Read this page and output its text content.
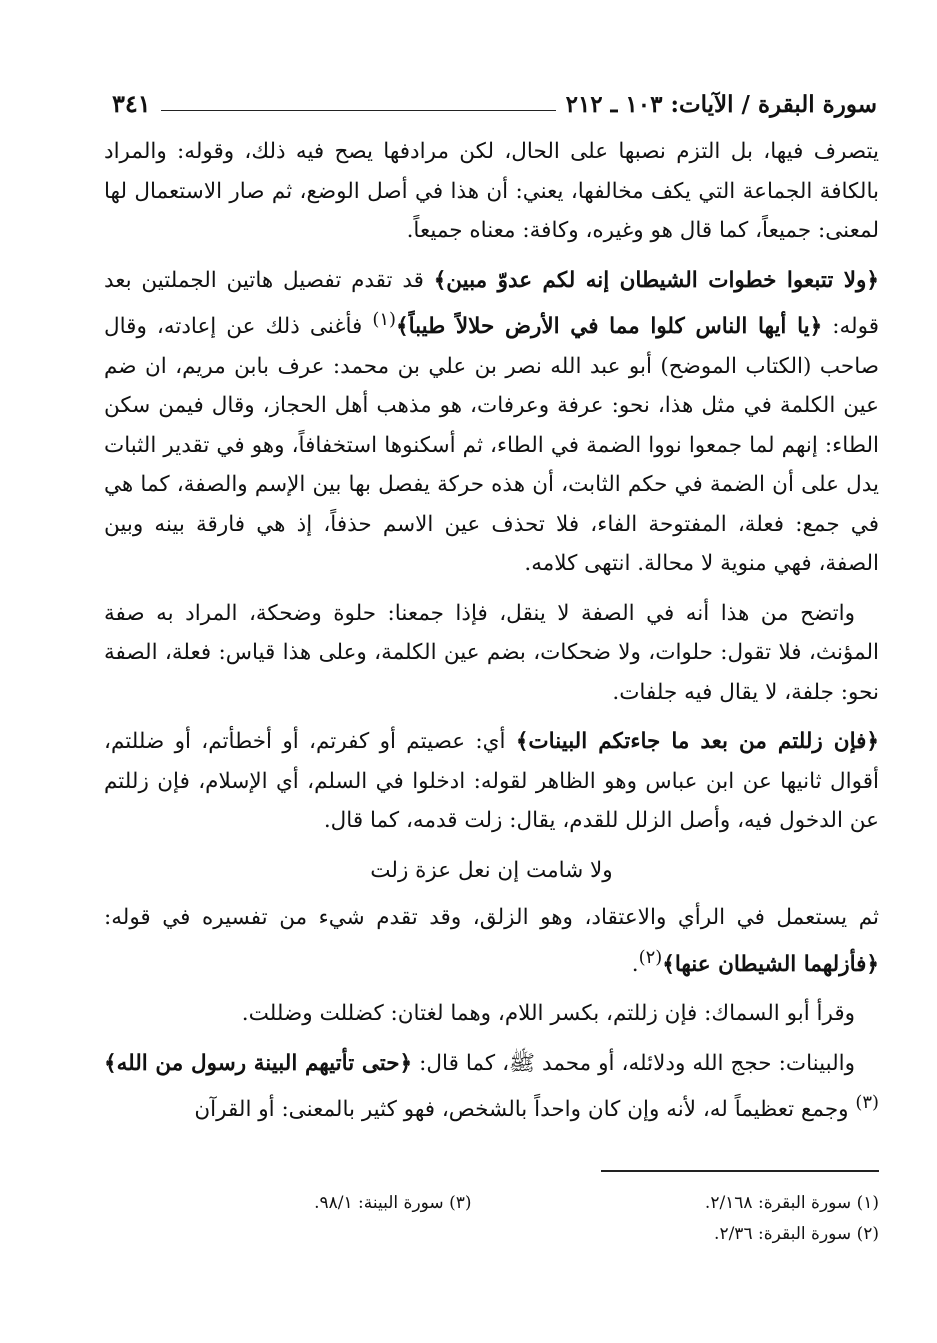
سورة البقرة / الآيات: ١٠٣ ـ ٢١٢
٣٤١

يتصرف فيها، بل التزم نصبها على الحال، لكن مرادفها يصح فيه ذلك، وقوله: والمراد بالكافة الجماعة التي يكف مخالفها، يعني: أن هذا في أصل الوضع، ثم صار الاستعمال لها لمعنى: جميعاً، كما قال هو وغيره، وكافة: معناه جميعاً.

﴿ولا تتبعوا خطوات الشيطان إنه لكم عدوّ مبين﴾ قد تقدم تفصيل هاتين الجملتين بعد قوله: ﴿يا أيها الناس كلوا مما في الأرض حلالاً طيباً﴾$^{(١)}$ فأغنى ذلك عن إعادته، وقال صاحب (الكتاب الموضح) أبو عبد الله نصر بن علي بن محمد: عرف بابن مريم، ان ضم عين الكلمة في مثل هذا، نحو: عرفة وعرفات، هو مذهب أهل الحجاز، وقال فيمن سكن الطاء: إنهم لما جمعوا نووا الضمة في الطاء، ثم أسكنوها استخفافاً، وهو في تقدير الثبات يدل على أن الضمة في حكم الثابت، أن هذه حركة يفصل بها بين الإسم والصفة، كما هي في جمع: فعلة، المفتوحة الفاء، فلا تحذف عين الاسم حذفاً، إذ هي فارقة بينه وبين الصفة، فهي منوية لا محالة. انتهى كلامه.

واتضح من هذا أنه في الصفة لا ينقل، فإذا جمعنا: حلوة وضحكة، المراد به صفة المؤنث، فلا تقول: حلوات، ولا ضحكات، بضم عين الكلمة، وعلى هذا قياس: فعلة، الصفة نحو: جلفة، لا يقال فيه جلفات.

﴿فإن زللتم من بعد ما جاءتكم البينات﴾ أي: عصيتم أو كفرتم، أو أخطأتم، أو ضللتم، أقوال ثانيها عن ابن عباس وهو الظاهر لقوله: ادخلوا في السلم، أي الإسلام، فإن زللتم عن الدخول فيه، وأصل الزلل للقدم، يقال: زلت قدمه، كما قال.

ولا شامت إن نعل عزة زلت

ثم يستعمل في الرأي والاعتقاد، وهو الزلق، وقد تقدم شيء من تفسيره في قوله: ﴿فأزلهما الشيطان عنها﴾$^{(٢)}$.

وقرأ أبو السماك: فإن زللتم، بكسر اللام، وهما لغتان: كضللت وضللت.

والبينات: حجج الله ودلائله، أو محمد ﷺ، كما قال: ﴿حتى تأتيهم البينة رسول من الله﴾$^{(٣)}$ وجمع تعظيماً له، لأنه وإن كان واحداً بالشخص، فهو كثير بالمعنى: أو القرآن

(١) سورة البقرة: ٢/١٦٨.
(٣) سورة البينة: ٩٨/١.
(٢) سورة البقرة: ٢/٣٦.
